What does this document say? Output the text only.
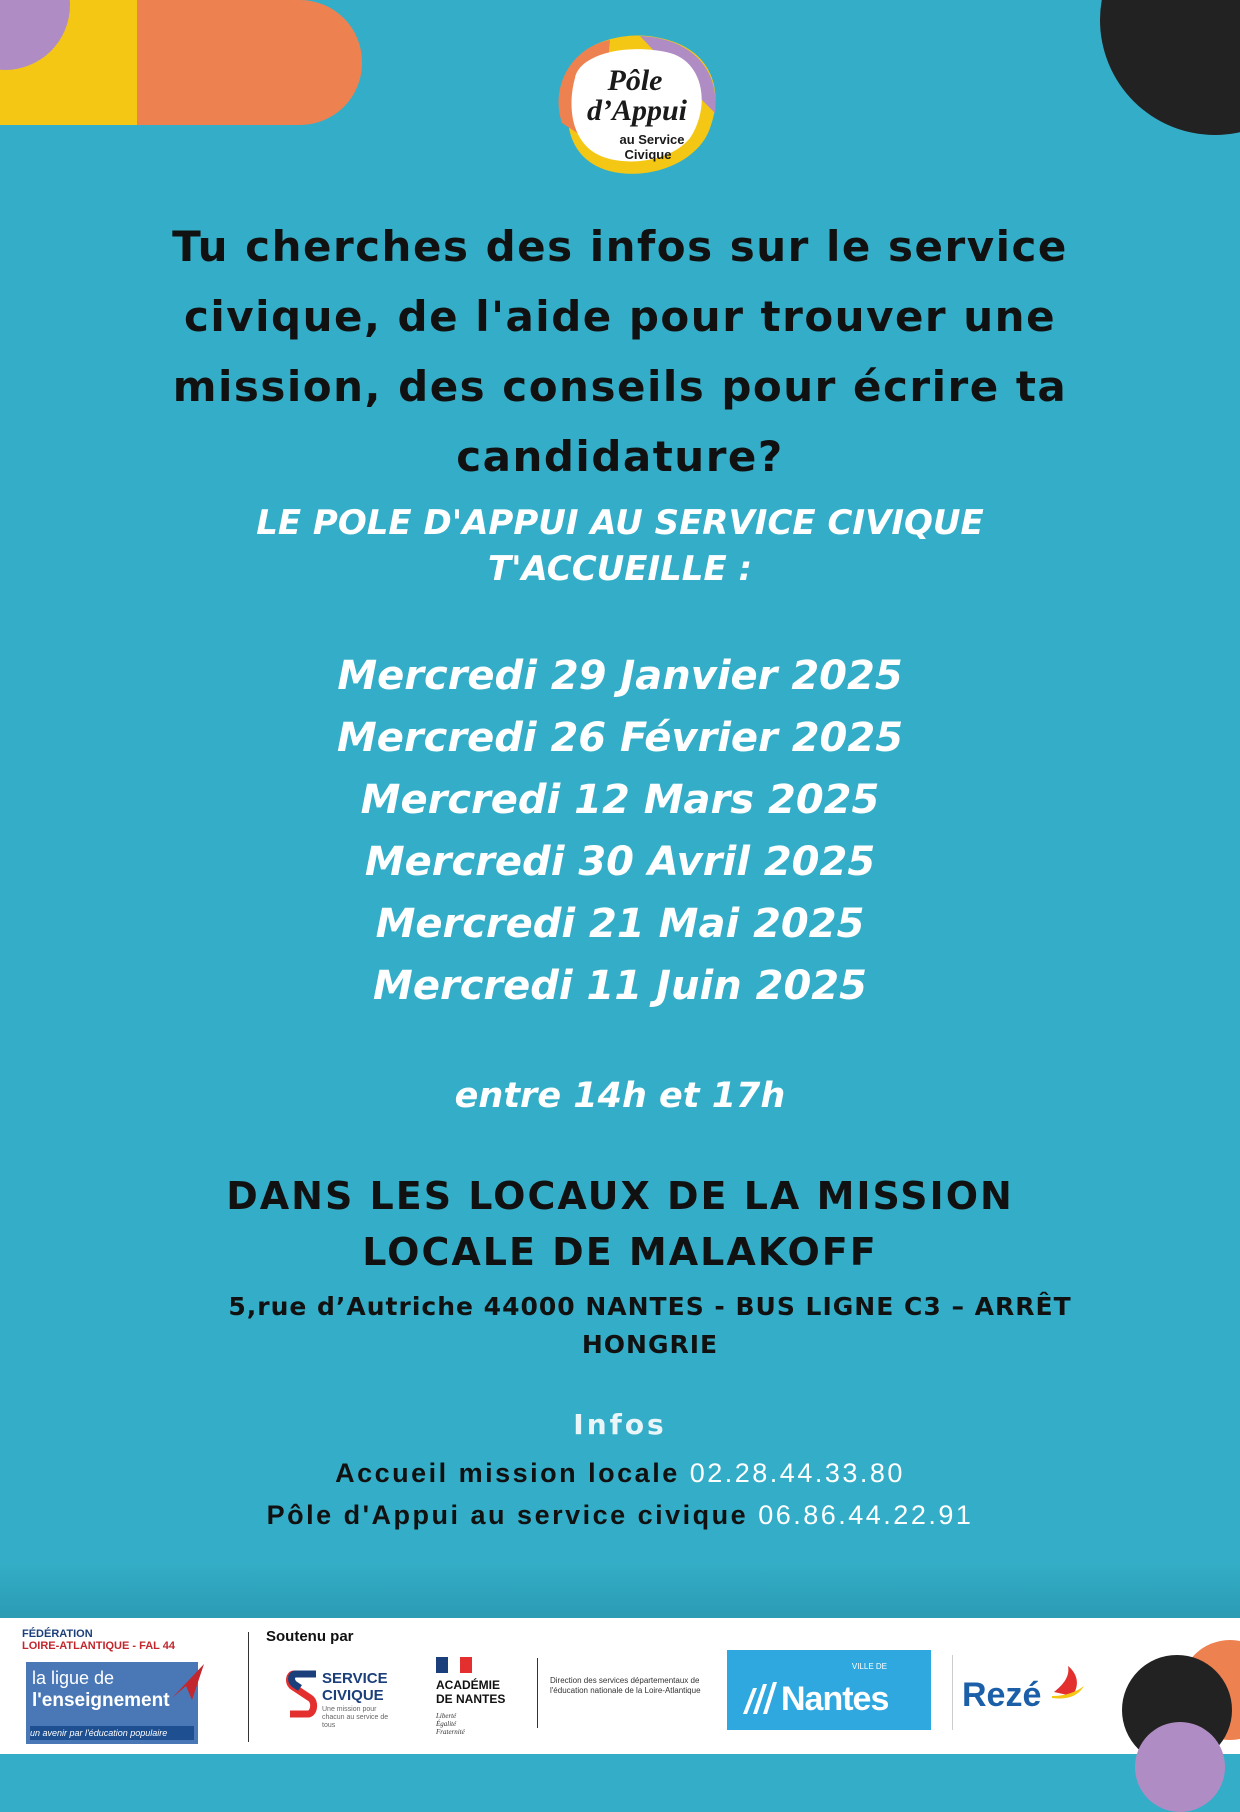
Pôle
d’Appui
au Service
Civique
Tu cherches des infos sur le service civique, de l'aide pour trouver une mission, des conseils pour écrire ta candidature?
LE POLE D'APPUI AU SERVICE CIVIQUE
T'ACCUEILLE :
Mercredi 29 Janvier 2025
Mercredi 26 Février 2025
Mercredi 12 Mars 2025
Mercredi 30 Avril 2025
Mercredi 21 Mai 2025
Mercredi 11 Juin 2025
entre 14h et 17h
DANS LES LOCAUX DE LA MISSION
LOCALE DE MALAKOFF
5,rue d’Autriche 44000 NANTES - BUS LIGNE C3 – ARRÊT
HONGRIE
Infos
Accueil mission locale 02.28.44.33.80
Pôle d'Appui au service civique 06.86.44.22.91
FÉDÉRATION
LOIRE-ATLANTIQUE - FAL 44
la ligue de
l'enseignement
un avenir par l'éducation populaire
Soutenu par
SERVICE
CIVIQUE
Une mission pour chacun au service de tous
ACADÉMIE
DE NANTES
Liberté
Égalité
Fraternité
Direction des services départementaux de l'éducation nationale de la Loire-Atlantique
VILLE DE
Nantes Rezé
